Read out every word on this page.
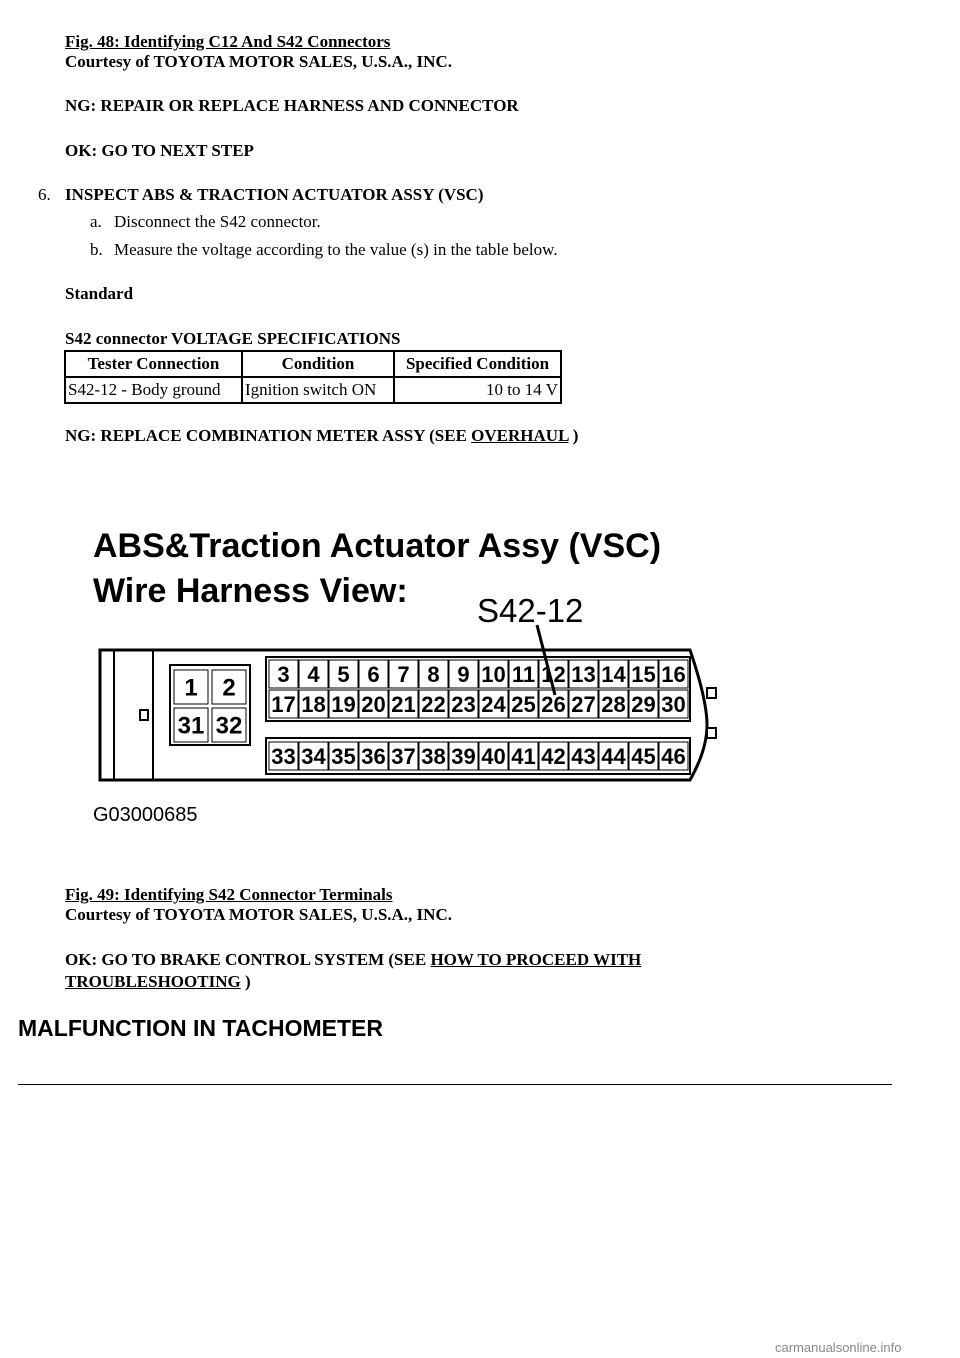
Fig. 48: Identifying C12 And S42 Connectors
Courtesy of TOYOTA MOTOR SALES, U.S.A., INC.
NG: REPAIR OR REPLACE HARNESS AND CONNECTOR
OK: GO TO NEXT STEP
6. INSPECT ABS & TRACTION ACTUATOR ASSY (VSC)
a. Disconnect the S42 connector.
b. Measure the voltage according to the value (s) in the table below.
Standard
S42 connector VOLTAGE SPECIFICATIONS
Tester Connection	Condition	Specified Condition
S42-12 - Body ground	Ignition switch ON	10 to 14 V
NG: REPLACE COMBINATION METER ASSY (SEE OVERHAUL )
ABS&Traction Actuator Assy (VSC)
Wire Harness View:
S42-12
1 2
31 32
3 4 5 6 7 8 9 10 11 12 13 14 15 16
17 18 19 20 21 22 23 24 25 26 27 28 29 30
33 34 35 36 37 38 39 40 41 42 43 44 45 46
G03000685
Fig. 49: Identifying S42 Connector Terminals
Courtesy of TOYOTA MOTOR SALES, U.S.A., INC.
OK: GO TO BRAKE CONTROL SYSTEM (SEE HOW TO PROCEED WITH
TROUBLESHOOTING )
MALFUNCTION IN TACHOMETER
carmanualsonline.info
